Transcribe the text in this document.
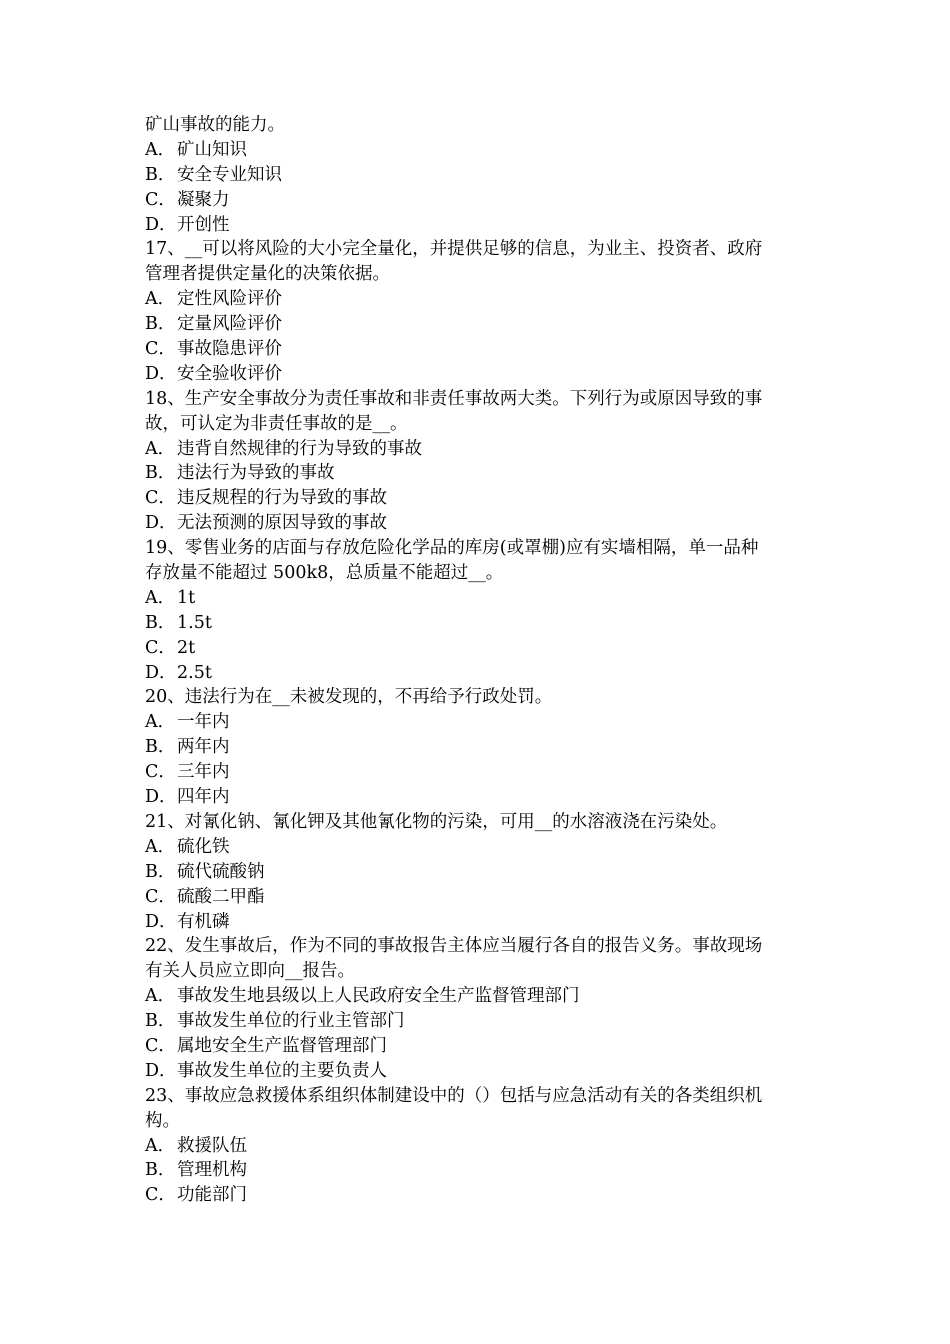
矿山事故的能力。
A． 矿山知识
B．安全专业知识
C．凝聚力
D．开创性
17、__可以将风险的大小完全量化，并提供足够的信息，为业主、投资者、政府
管理者提供定量化的决策依据。
A． 定性风险评价
B．定量风险评价
C．事故隐患评价
D．安全验收评价
18、生产安全事故分为责任事故和非责任事故两大类。下列行为或原因导致的事
故，可认定为非责任事故的是__。
A． 违背自然规律的行为导致的事故
B．违法行为导致的事故
C．违反规程的行为导致的事故
D．无法预测的原因导致的事故
19、零售业务的店面与存放危险化学品的库房(或罩棚)应有实墙相隔，单一品种
存放量不能超过 500k8，总质量不能超过__。
A． 1t
B．1.5t
C．2t
D．2.5t
20、违法行为在__未被发现的，不再给予行政处罚。
A． 一年内
B．两年内
C．三年内
D．四年内
21、对氰化钠、氰化钾及其他氰化物的污染，可用__的水溶液浇在污染处。
A． 硫化铁
B．硫代硫酸钠
C．硫酸二甲酯
D．有机磷
22、发生事故后，作为不同的事故报告主体应当履行各自的报告义务。事故现场
有关人员应立即向__报告。
A． 事故发生地县级以上人民政府安全生产监督管理部门
B．事故发生单位的行业主管部门
C．属地安全生产监督管理部门
D．事故发生单位的主要负责人
23、事故应急救援体系组织体制建设中的（）包括与应急活动有关的各类组织机
构。
A． 救援队伍
B．管理机构
C．功能部门
